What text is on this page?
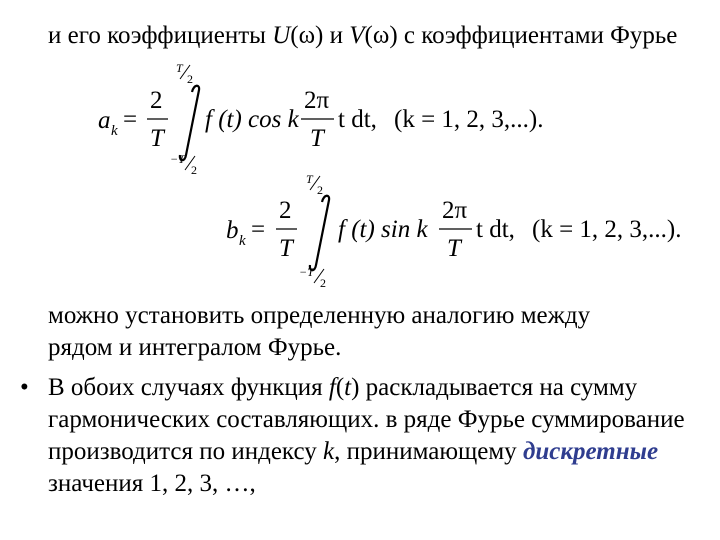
и его коэффициенты U(ω) и V(ω) с коэффициентами Фурье
a k =
2
T
T
2
−T
2
f (t) cos k
2π
T
t dt, (k = 1, 2, 3,...).
b k =
2
T
T
2
−T
2
f (t) sin k
2π
T
t dt, (k = 1, 2, 3,...).
можно установить определенную аналогию между
рядом и интегралом Фурье.
• В обоих случаях функция f(t) раскладывается на сумму гармонических составляющих. в ряде Фурье суммирование производится по индексу k, принимающему дискретные значения 1, 2, 3, …,
